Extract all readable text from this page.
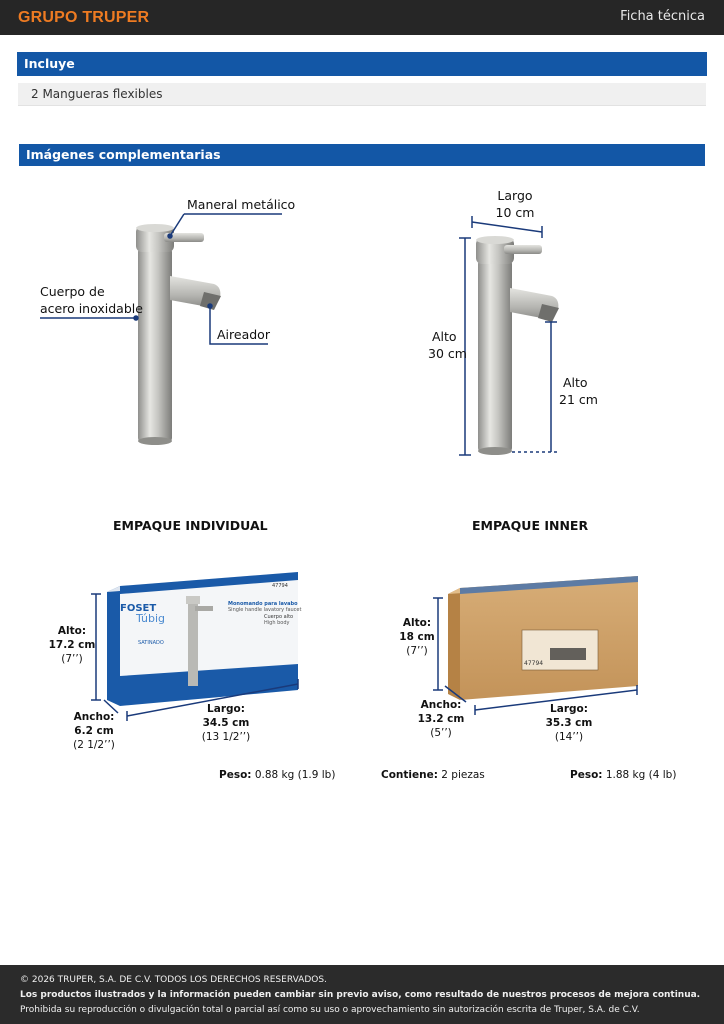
GRUPO TRUPER	Ficha técnica
Incluye
2 Mangueras flexibles
Imágenes complementarias
FOSET
Túbig
SATINADO
47794
Monomando para lavabo
Single handle lavatory faucet
Cuerpo alto
High body
47794
Maneral metálico
Cuerpo de
acero inoxidable
Aireador
Largo
10 cm
Alto
30 cm
Alto
21 cm
EMPAQUE INDIVIDUAL	EMPAQUE INNER
Alto:
17.2 cm
(7’’)
Ancho:
6.2 cm
(2 1/2’’)
Largo:
34.5 cm
(13 1/2’’)
Alto:
18 cm
(7’’)
Ancho:
13.2 cm
(5’’)
Largo:
35.3 cm
(14’’)
Peso: 0.88 kg (1.9 lb)	Contiene: 2 piezas	Peso: 1.88 kg (4 lb)
© 2026 TRUPER, S.A. DE C.V. TODOS LOS DERECHOS RESERVADOS.
Los productos ilustrados y la información pueden cambiar sin previo aviso, como resultado de nuestros procesos de mejora continua.
Prohibida su reproducción o divulgación total o parcial así como su uso o aprovechamiento sin autorización escrita de Truper, S.A. de C.V.
